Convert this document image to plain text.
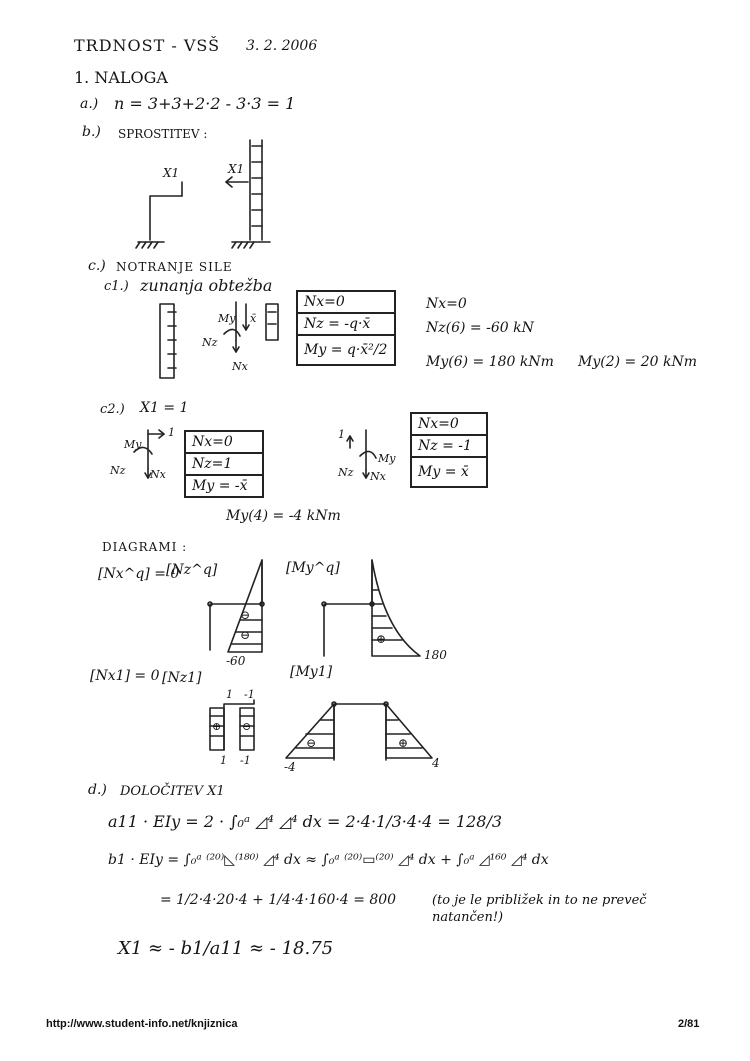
TRDNOST - VSŠ 3. 2. 2006
1. NALOGA
a.) n = 3+3+2·2 - 3·3 = 1
b.) SPROSTITEV :
X1	X1
c.) NOTRANJE SILE
c1.) zunanja obtežba
My x̄
Nz
Nx
Nx=0
Nz = -q·x̄
My = q·x̄²/2
Nx=0
Nz(6) = -60 kN
My(6) = 180 kNm My(2) = 20 kNm
c2.) X1 = 1
My
Nz Nx
1	1
My
Nz Nx
Nx=0
Nz=1
My = -x̄
Nx=0
Nz = -1
My = x̄
My(4) = -4 kNm
DIAGRAMI :
[Nx^q] = 0
[Nz^q]	[My^q]
-60	180
⊖
⊖	⊕
[Nx1] = 0 [Nz1]	[My1]
1 -1
1 -1	-4	4
⊕ ⊖
⊖	⊕
d.) DOLOČITEV X1
a11 · EIy = 2 · ∫₀ᵃ ◿⁴ ◿⁴ dx = 2·4·1/3·4·4 = 128/3
b1 · EIy = ∫₀ᵃ ⁽²⁰⁾◺⁽¹⁸⁰⁾ ◿⁴ dx ≈ ∫₀ᵃ ⁽²⁰⁾▭⁽²⁰⁾ ◿⁴ dx + ∫₀ᵃ ◿¹⁶⁰ ◿⁴ dx
= 1/2·4·20·4 + 1/4·4·160·4 = 800	(to je le približek in to ne preveč natančen!)
X1 ≈ - b1/a11 ≈ - 18.75
http://www.student-info.net/knjiznica	2/81
